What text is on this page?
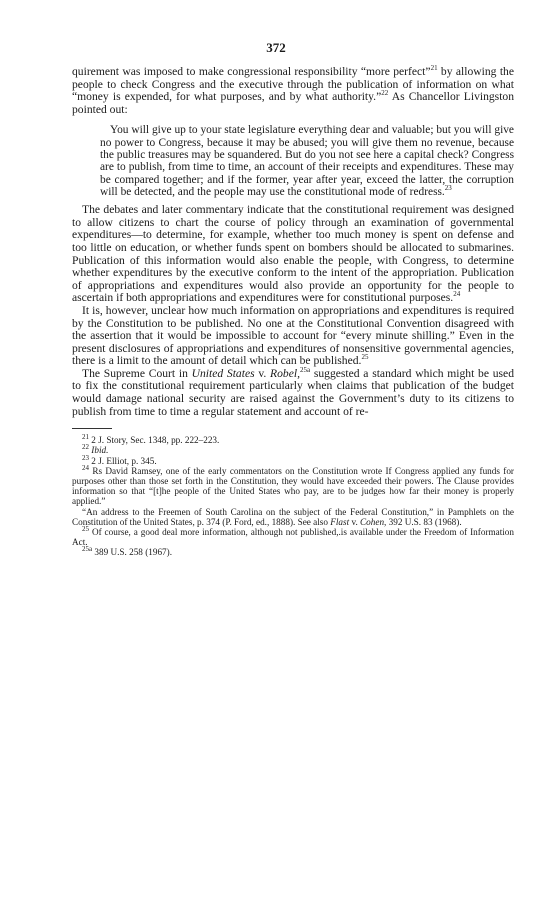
372

quirement was imposed to make congressional responsibility “more perfect”$^{21}$ by allowing the people to check Congress and the executive through the publication of information on what “money is expended, for what purposes, and by what authority.”$^{22}$ As Chancellor Livingston pointed out:

You will give up to your state legislature everything dear and valuable; but you will give no power to Congress, because it may be abused; you will give them no revenue, because the public treasures may be squandered. But do you not see here a capital check? Congress are to publish, from time to time, an account of their receipts and expenditures. These may be compared together; and if the former, year after year, exceed the latter, the corruption will be detected, and the people may use the constitutional mode of redress.$^{23}$

The debates and later commentary indicate that the constitutional requirement was designed to allow citizens to chart the course of policy through an examination of governmental expenditures—to determine, for example, whether too much money is spent on defense and too little on education, or whether funds spent on bombers should be allocated to submarines. Publication of this information would also enable the people, with Congress, to determine whether expenditures by the executive conform to the intent of the appropriation. Publication of appropriations and expenditures would also provide an opportunity for the people to ascertain if both appropriations and expenditures were for constitutional purposes.$^{24}$

It is, however, unclear how much information on appropriations and expenditures is required by the Constitution to be published. No one at the Constitutional Convention disagreed with the assertion that it would be impossible to account for “every minute shilling.” Even in the present disclosures of appropriations and expenditures of nonsensitive governmental agencies, there is a limit to the amount of detail which can be published.$^{25}$

The Supreme Court in United States v. Robel,$^{25a}$ suggested a standard which might be used to fix the constitutional requirement particularly when claims that publication of the budget would damage national security are raised against the Government’s duty to its citizens to publish from time to time a regular statement and account of re-

$^{21}$ 2 J. Story, Sec. 1348, pp. 222–223.

$^{22}$ Ibid.

$^{23}$ 2 J. Elliot, p. 345.

$^{24}$ Rs David Ramsey, one of the early commentators on the Constitution wrote If Congress applied any funds for purposes other than those set forth in the Constitution, they would have exceeded their powers. The Clause provides information so that “[t]he people of the United States who pay, are to be judges how far their money is properly applied.”

“An address to the Freemen of South Carolina on the subject of the Federal Constitution,” in Pamphlets on the Constitution of the United States, p. 374 (P. Ford, ed., 1888). See also Flast v. Cohen, 392 U.S. 83 (1968).

$^{25}$ Of course, a good deal more information, although not published,.is available under the Freedom of Information Act.

$^{25a}$ 389 U.S. 258 (1967).
